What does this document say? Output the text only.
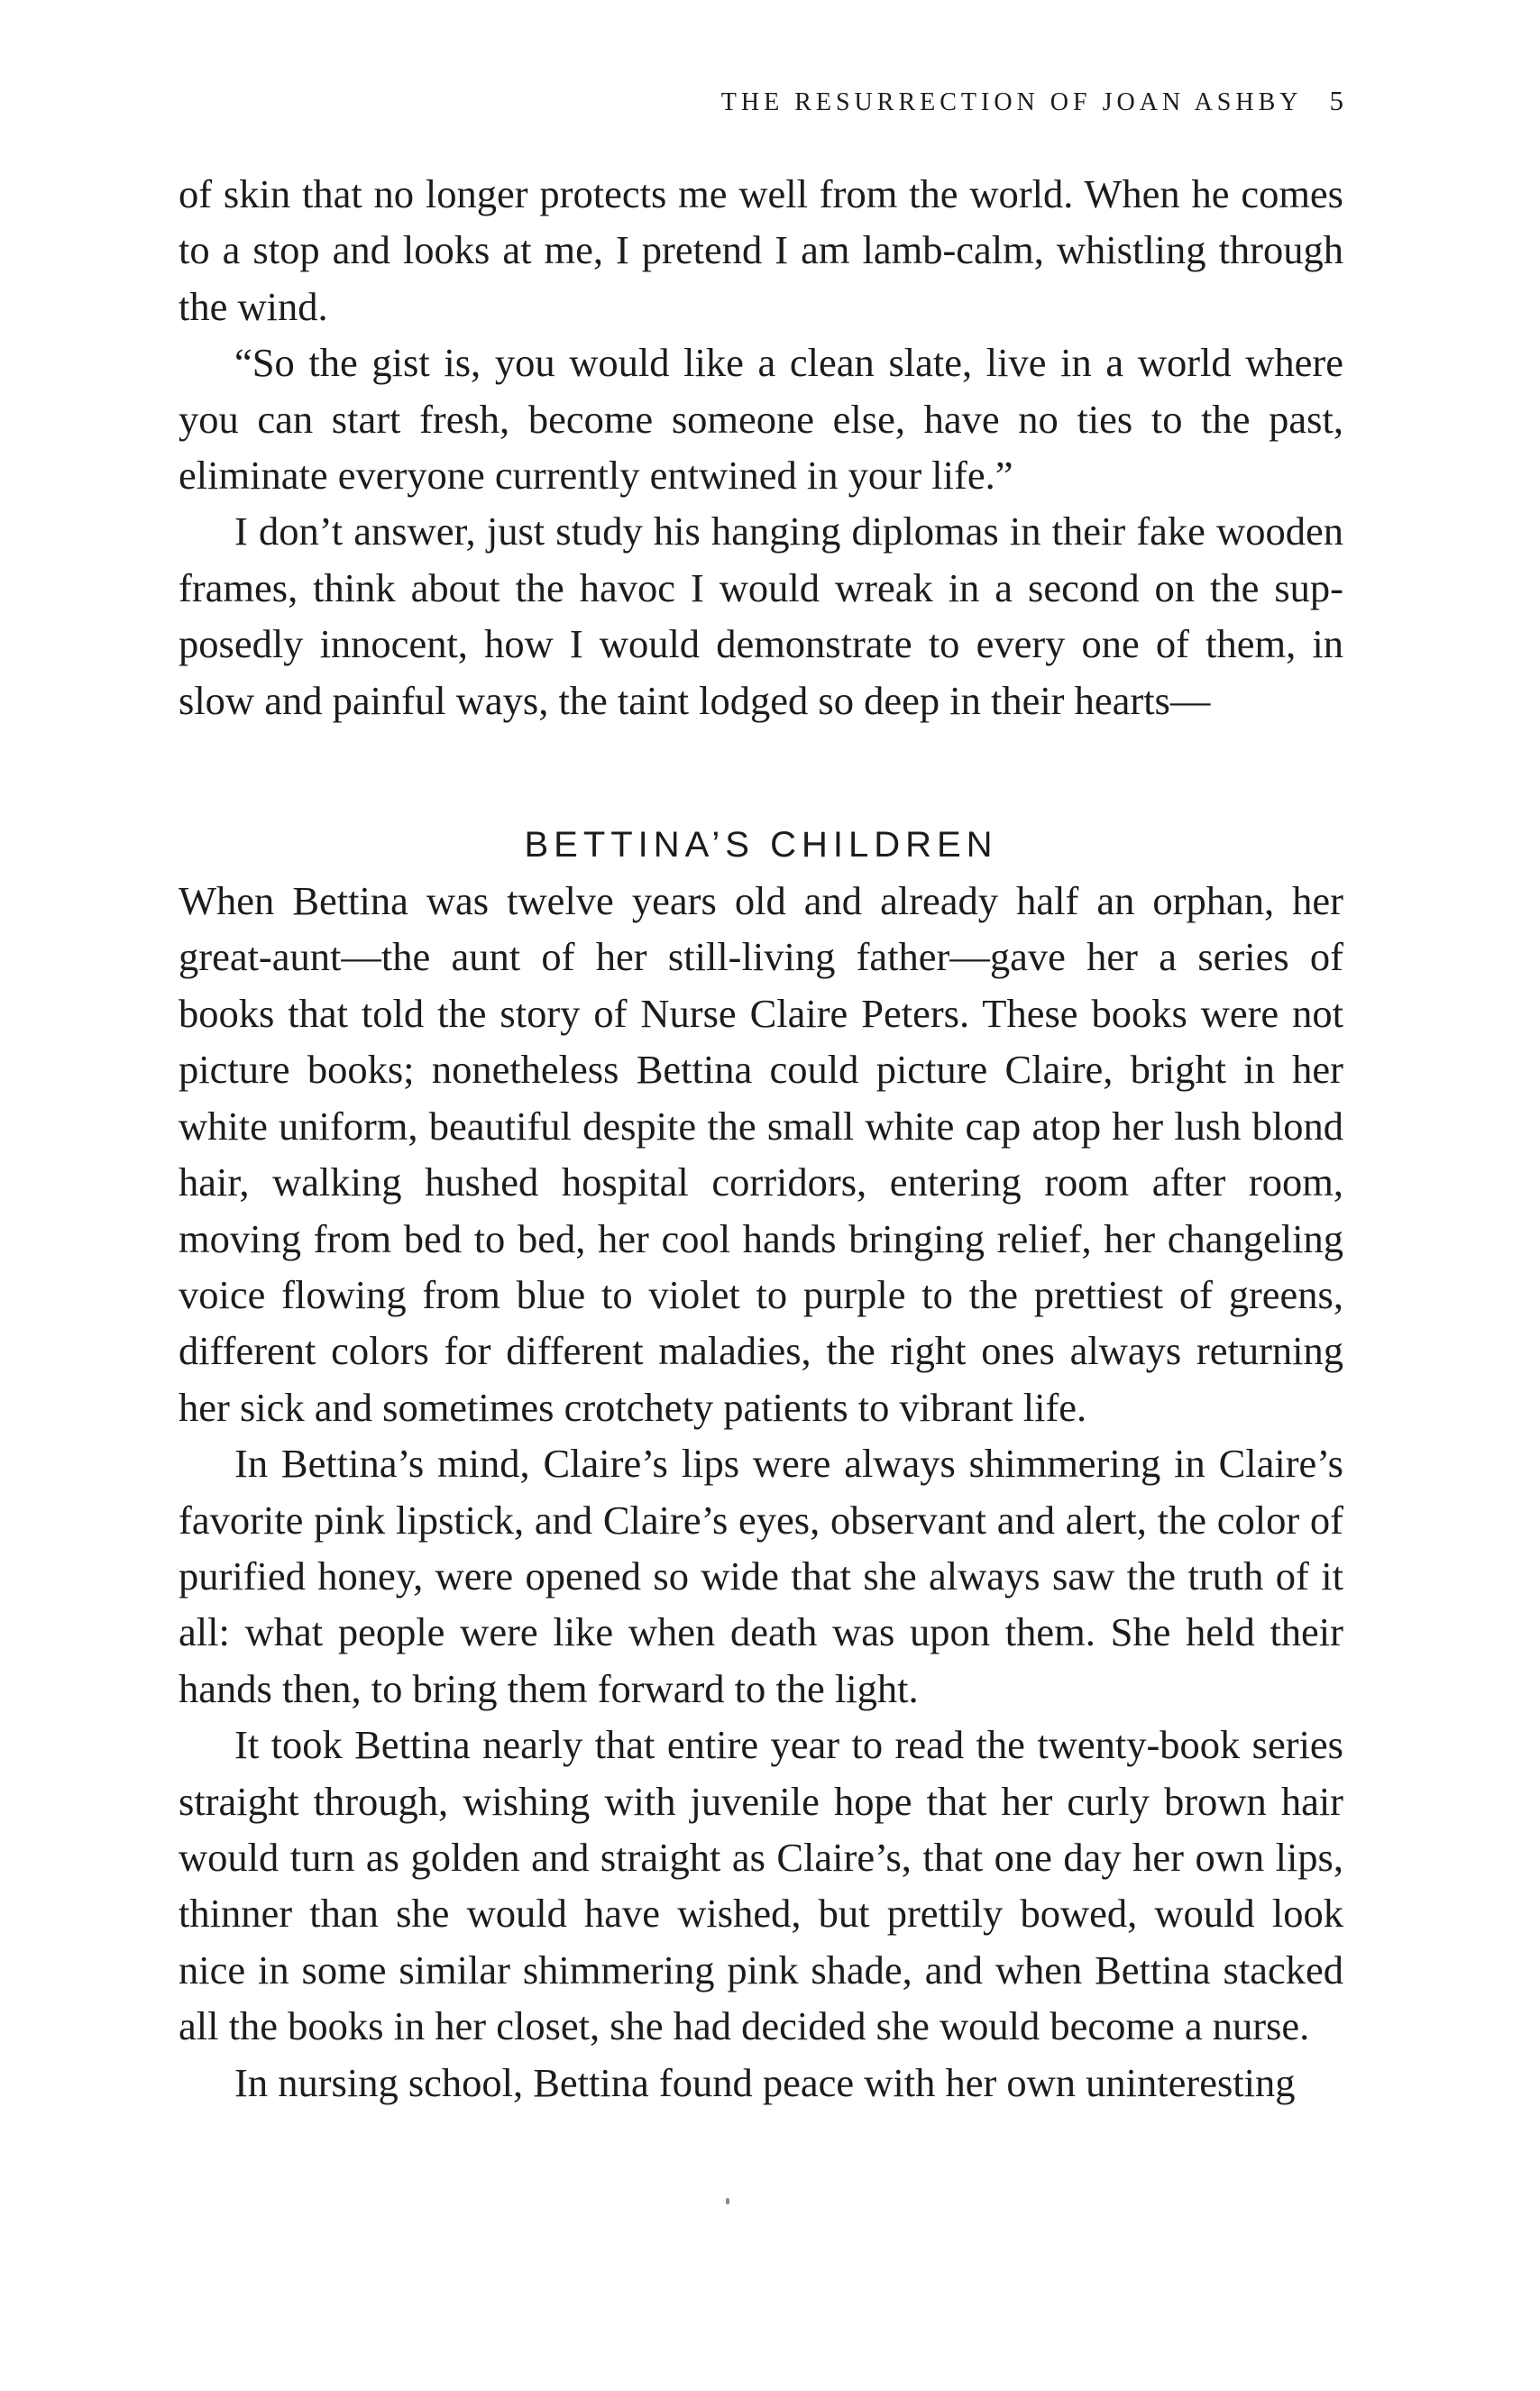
THE RESURRECTION OF JOAN ASHBY 5

of skin that no longer protects me well from the world. When he comes to a stop and looks at me, I pretend I am lamb-calm, whistling through the wind.

“So the gist is, you would like a clean slate, live in a world where you can start fresh, become someone else, have no ties to the past, eliminate everyone currently entwined in your life.”

I don’t answer, just study his hanging diplomas in their fake wooden frames, think about the havoc I would wreak in a second on the supposedly innocent, how I would demonstrate to every one of them, in slow and painful ways, the taint lodged so deep in their hearts—

BETTINA’S CHILDREN

When Bettina was twelve years old and already half an orphan, her great-aunt—the aunt of her still-living father—gave her a series of books that told the story of Nurse Claire Peters. These books were not picture books; nonetheless Bettina could picture Claire, bright in her white uniform, beautiful despite the small white cap atop her lush blond hair, walking hushed hospital corridors, entering room after room, moving from bed to bed, her cool hands bringing relief, her changeling voice flowing from blue to violet to purple to the prettiest of greens, different colors for different maladies, the right ones always returning her sick and sometimes crotchety patients to vibrant life.

In Bettina’s mind, Claire’s lips were always shimmering in Claire’s favorite pink lipstick, and Claire’s eyes, observant and alert, the color of purified honey, were opened so wide that she always saw the truth of it all: what people were like when death was upon them. She held their hands then, to bring them forward to the light.

It took Bettina nearly that entire year to read the twenty-book series straight through, wishing with juvenile hope that her curly brown hair would turn as golden and straight as Claire’s, that one day her own lips, thinner than she would have wished, but prettily bowed, would look nice in some similar shimmering pink shade, and when Bettina stacked all the books in her closet, she had decided she would become a nurse.

In nursing school, Bettina found peace with her own uninteresting
